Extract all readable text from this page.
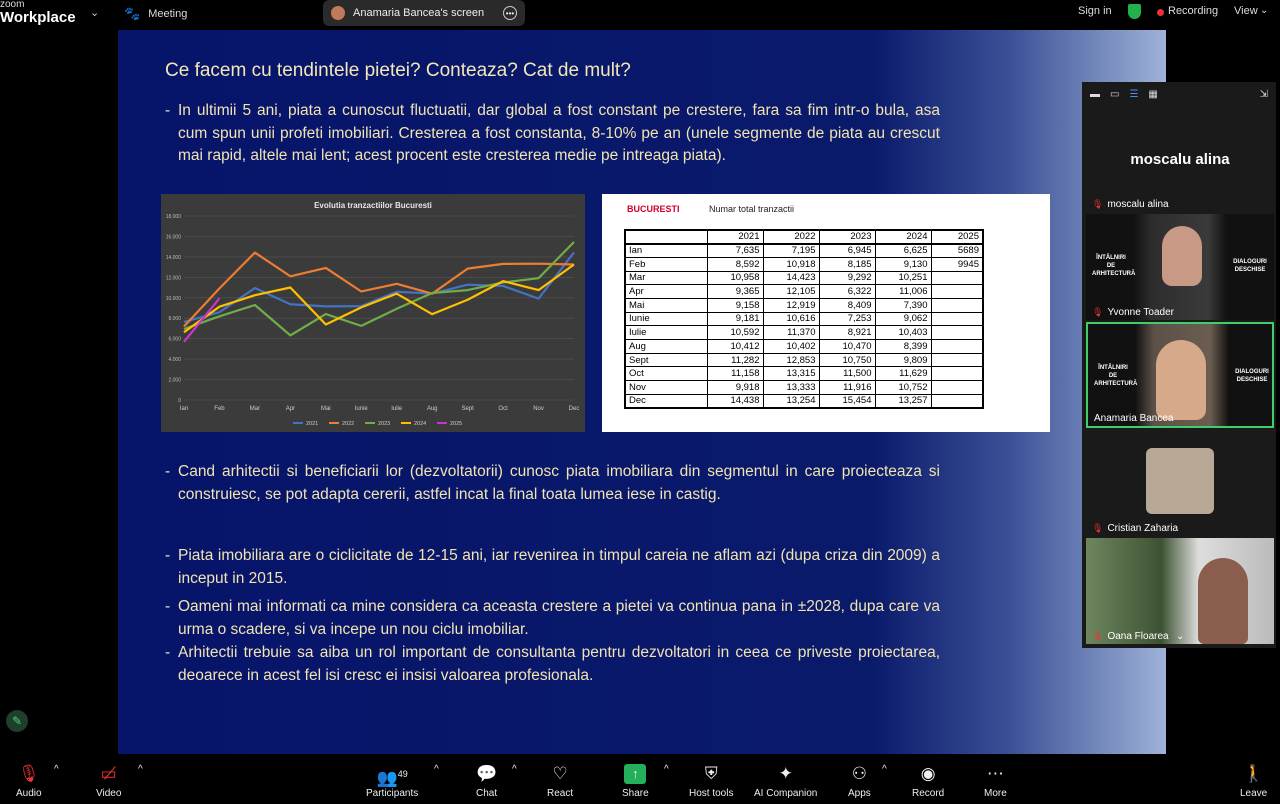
zoom
Workplace ⌄ 🐾 Meeting	Anamaria Bancea's screen	•••	Sign in	Recording View ⌄
Ce facem cu tendintele pietei? Conteaza? Cat de mult?
- In ultimii 5 ani, piata a cunoscut fluctuatii, dar global a fost constant pe crestere, fara sa fim intr-o bula, asa cum spun unii profeti imobiliari. Cresterea a fost constanta, 8-10% pe an (unele segmente de piata au crescut mai rapid, altele mai lent; acest procent este cresterea medie pe intreaga piata).
Evolutia tranzactiilor Bucuresti
0
2.000
4.000
6.000
8.000
10.000
12.000
14.000
16.000
18.000
Ian	Feb	Mar	Apr	Mai	Iunie	Iulie	Aug	Sept	Oct	Nov	Dec
2021	2022	2023	2024	2025
BUCURESTI	Numar total tranzactii
	2021	2022	2023	2024	2025
Ian	7,635	7,195	6,945	6,625	5689
Feb	8,592	10,918	8,185	9,130	9945
Mar	10,958	14,423	9,292	10,251	
Apr	9,365	12,105	6,322	11,006	
Mai	9,158	12,919	8,409	7,390	
Iunie	9,181	10,616	7,253	9,062	
Iulie	10,592	11,370	8,921	10,403	
Aug	10,412	10,402	10,470	8,399	
Sept	11,282	12,853	10,750	9,809	
Oct	11,158	13,315	11,500	11,629	
Nov	9,918	13,333	11,916	10,752	
Dec	14,438	13,254	15,454	13,257	
- Cand arhitectii si beneficiarii lor (dezvoltatorii) cunosc piata imobiliara din segmentul in care proiecteaza si construiesc, se pot adapta cererii, astfel incat la final toata lumea iese in castig.
- Piata imobiliara are o ciclicitate de 12-15 ani, iar revenirea in timpul careia ne aflam azi (dupa criza din 2009) a inceput in 2015.
- Oameni mai informati ca mine considera ca aceasta crestere a pietei va continua pana in ±2028, dupa care va urma o scadere, si va incepe un nou ciclu imobiliar.
- Arhitectii trebuie sa aiba un rol important de consultanta pentru dezvoltatori in ceea ce priveste proiectarea, deoarece in acest fel isi cresc ei insisi valoarea profesionala.
✎
▬ ▭ ☰ ▦	⇲
moscalu alina
🎙 moscalu alina
ÎNTÂLNIRI DE ARHITECTURĂ
DIALOGURI DESCHISE
🎙 Yvonne Toader
ÎNTÂLNIRI DE ARHITECTURĂ
DIALOGURI DESCHISE
Anamaria Bancea
🎙 Cristian Zaharia
🎙 Oana Floarea ⌄
🎙
Audio
^ ▭̸
Video
^	👥$^{49}$
Participants
^ 💬
Chat
^ ♡
React
↑
Share
^ ⛨
Host tools
✦
AI Companion
⚇
Apps
^ ◉
Record
⋯
More
🚶
Leave
